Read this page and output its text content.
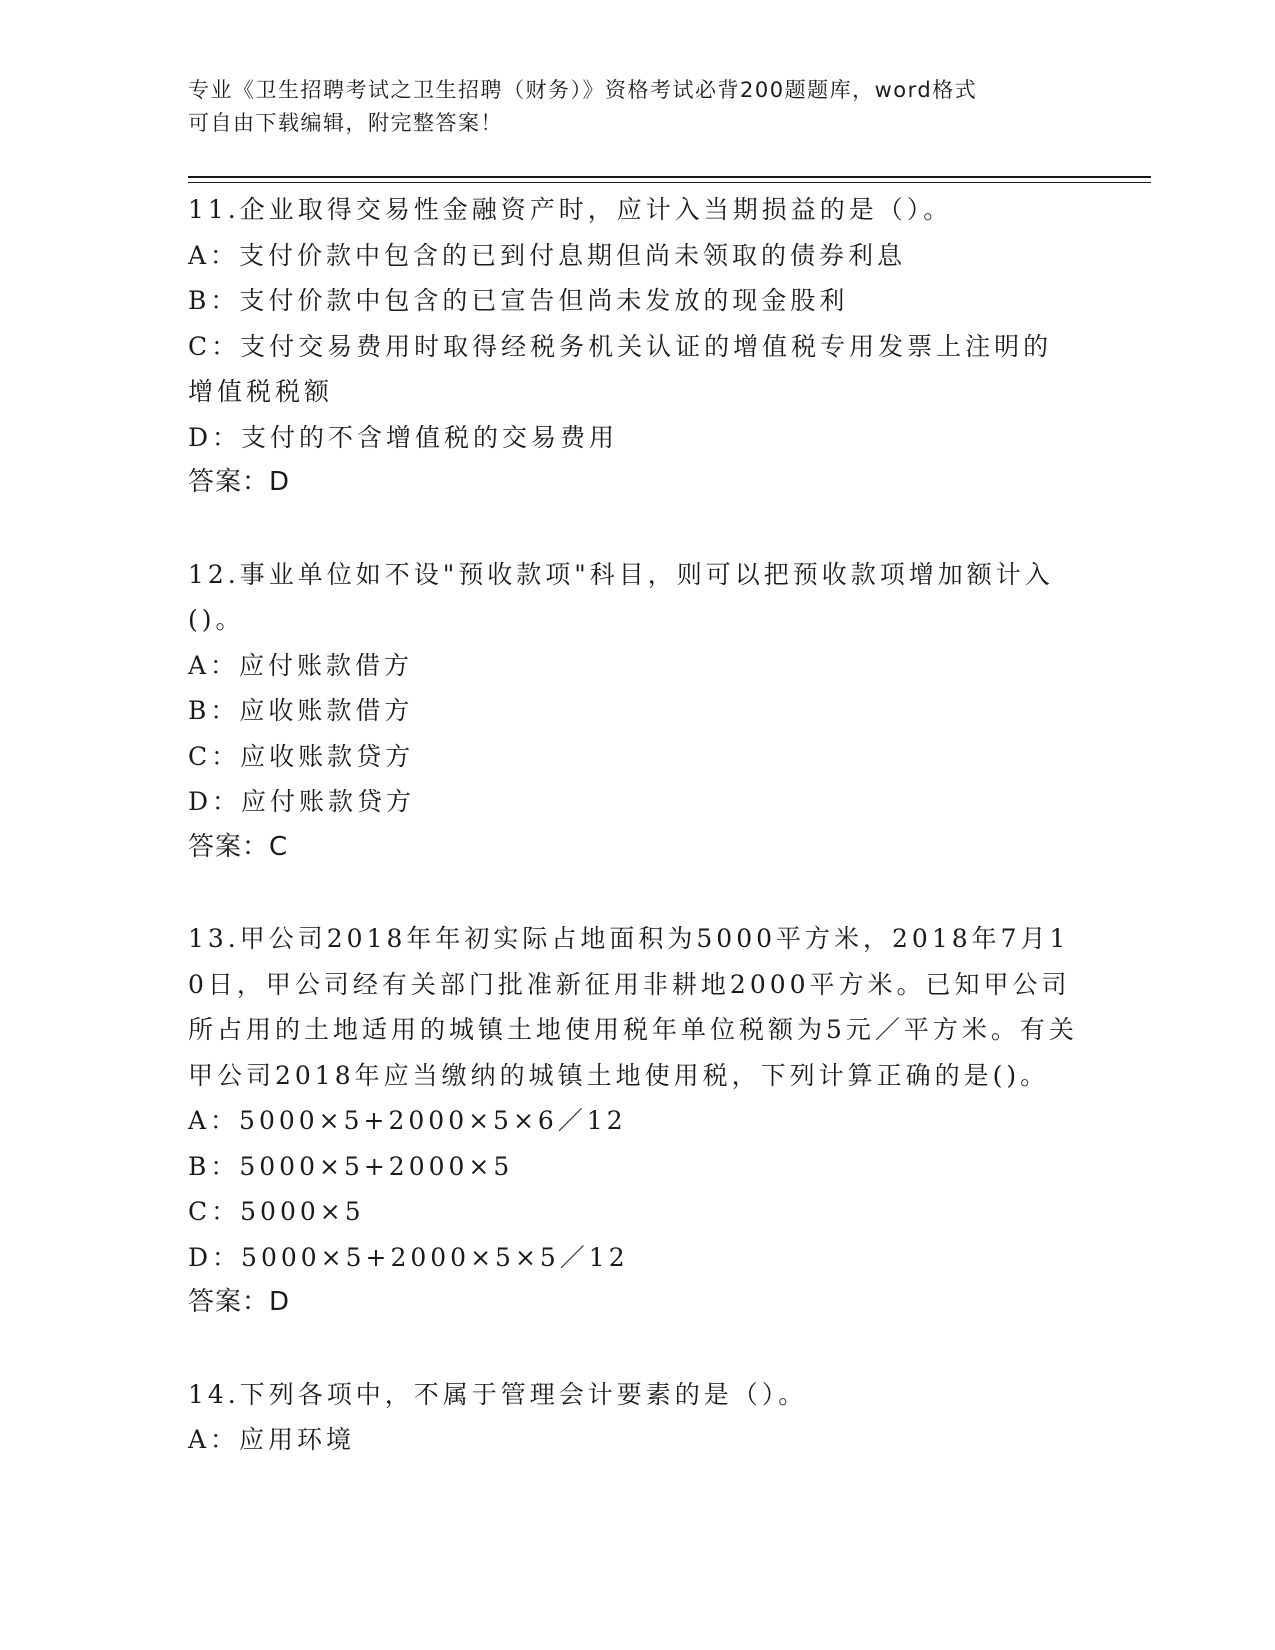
专业《卫生招聘考试之卫生招聘（财务）》资格考试必背200题题库，word格式
可自由下载编辑，附完整答案！
11.企业取得交易性金融资产时，应计入当期损益的是（）。
A：支付价款中包含的已到付息期但尚未领取的债券利息
B：支付价款中包含的已宣告但尚未发放的现金股利
C：支付交易费用时取得经税务机关认证的增值税专用发票上注明的增值税税额
D：支付的不含增值税的交易费用
答案：D
12.事业单位如不设"预收款项"科目，则可以把预收款项增加额计入()。
A：应付账款借方
B：应收账款借方
C：应收账款贷方
D：应付账款贷方
答案：C
13.甲公司2018年年初实际占地面积为5000平方米，2018年7月10日，甲公司经有关部门批准新征用非耕地2000平方米。已知甲公司所占用的土地适用的城镇土地使用税年单位税额为5元／平方米。有关甲公司2018年应当缴纳的城镇土地使用税，下列计算正确的是()。
A：5000×5+2000×5×6／12
B：5000×5+2000×5
C：5000×5
D：5000×5+2000×5×5／12
答案：D
14.下列各项中，不属于管理会计要素的是（）。
A：应用环境
